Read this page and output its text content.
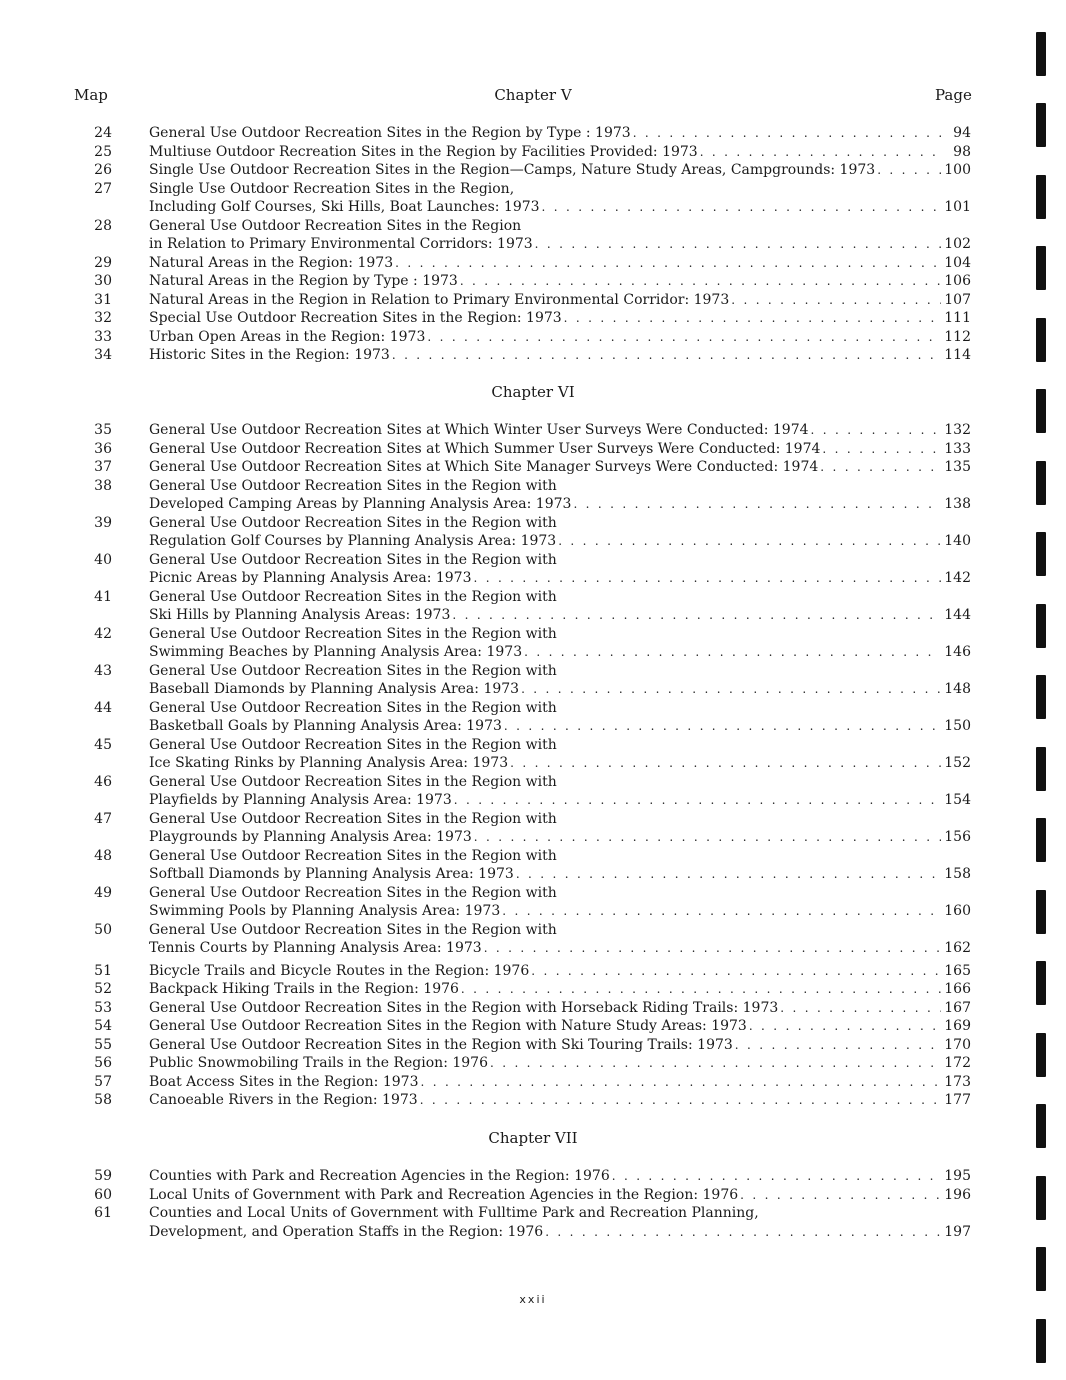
Map	Chapter V	Page
24	General Use Outdoor Recreation Sites in the Region by Type : 1973 . . .	94
25	Multiuse Outdoor Recreation Sites in the Region by Facilities Provided: 1973 . . .	98
26	Single Use Outdoor Recreation Sites in the Region—Camps, Nature Study Areas, Campgrounds: 1973 . . .	100
27	Single Use Outdoor Recreation Sites in the Region,
Including Golf Courses, Ski Hills, Boat Launches: 1973 . . .	101
28	General Use Outdoor Recreation Sites in the Region
in Relation to Primary Environmental Corridors: 1973 . . .	102
29	Natural Areas in the Region: 1973 . . .	104
30	Natural Areas in the Region by Type : 1973 . . .	106
31	Natural Areas in the Region in Relation to Primary Environmental Corridor: 1973 . . .	107
32	Special Use Outdoor Recreation Sites in the Region: 1973 . . .	111
33	Urban Open Areas in the Region: 1973 . . .	112
34	Historic Sites in the Region: 1973 . . .	114
Chapter VI
35	General Use Outdoor Recreation Sites at Which Winter User Surveys Were Conducted: 1974 . . .	132
36	General Use Outdoor Recreation Sites at Which Summer User Surveys Were Conducted: 1974 . . .	133
37	General Use Outdoor Recreation Sites at Which Site Manager Surveys Were Conducted: 1974 . . .	135
38	General Use Outdoor Recreation Sites in the Region with
Developed Camping Areas by Planning Analysis Area: 1973 . . .	138
39	General Use Outdoor Recreation Sites in the Region with
Regulation Golf Courses by Planning Analysis Area: 1973 . . .	140
40	General Use Outdoor Recreation Sites in the Region with
Picnic Areas by Planning Analysis Area: 1973 . . .	142
41	General Use Outdoor Recreation Sites in the Region with
Ski Hills by Planning Analysis Areas: 1973 . . .	144
42	General Use Outdoor Recreation Sites in the Region with
Swimming Beaches by Planning Analysis Area: 1973 . . .	146
43	General Use Outdoor Recreation Sites in the Region with
Baseball Diamonds by Planning Analysis Area: 1973 . . .	148
44	General Use Outdoor Recreation Sites in the Region with
Basketball Goals by Planning Analysis Area: 1973 . . .	150
45	General Use Outdoor Recreation Sites in the Region with
Ice Skating Rinks by Planning Analysis Area: 1973 . . .	152
46	General Use Outdoor Recreation Sites in the Region with
Playfields by Planning Analysis Area: 1973 . . .	154
47	General Use Outdoor Recreation Sites in the Region with
Playgrounds by Planning Analysis Area: 1973 . . .	156
48	General Use Outdoor Recreation Sites in the Region with
Softball Diamonds by Planning Analysis Area: 1973 . . .	158
49	General Use Outdoor Recreation Sites in the Region with
Swimming Pools by Planning Analysis Area: 1973 . . .	160
50	General Use Outdoor Recreation Sites in the Region with
Tennis Courts by Planning Analysis Area: 1973 . . .	162
51	Bicycle Trails and Bicycle Routes in the Region: 1976 . . .	165
52	Backpack Hiking Trails in the Region: 1976 . . .	166
53	General Use Outdoor Recreation Sites in the Region with Horseback Riding Trails: 1973 . . .	167
54	General Use Outdoor Recreation Sites in the Region with Nature Study Areas: 1973 . . .	169
55	General Use Outdoor Recreation Sites in the Region with Ski Touring Trails: 1973 . . .	170
56	Public Snowmobiling Trails in the Region: 1976 . . .	172
57	Boat Access Sites in the Region: 1973 . . .	173
58	Canoeable Rivers in the Region: 1973 . . .	177
Chapter VII
59	Counties with Park and Recreation Agencies in the Region: 1976 . . .	195
60	Local Units of Government with Park and Recreation Agencies in the Region: 1976 . . .	196
61	Counties and Local Units of Government with Fulltime Park and Recreation Planning,
Development, and Operation Staffs in the Region: 1976 . . .	197
xxii
